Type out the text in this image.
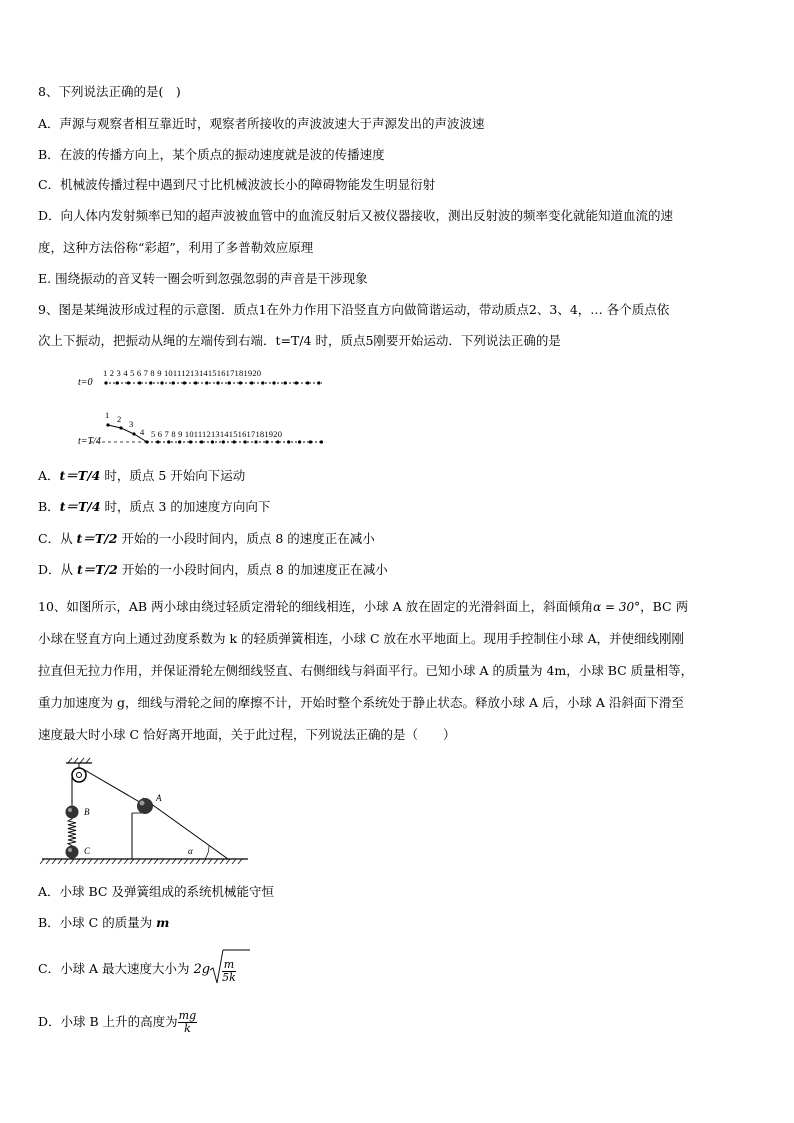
8、下列说法正确的是(　)
A．声源与观察者相互靠近时，观察者所接收的声波波速大于声源发出的声波波速
B．在波的传播方向上，某个质点的振动速度就是波的传播速度
C．机械波传播过程中遇到尺寸比机械波波长小的障碍物能发生明显衍射
D．向人体内发射频率已知的超声波被血管中的血流反射后又被仪器接收，测出反射波的频率变化就能知道血流的速
度，这种方法俗称“彩超”，利用了多普勒效应原理
E. 围绕振动的音叉转一圈会听到忽强忽弱的声音是干涉现象
9、图是某绳波形成过程的示意图．质点1在外力作用下沿竖直方向做简谐运动，带动质点2、3、4，… 各个质点依
次上下振动，把振动从绳的左端传到右端．t=T/4 时，质点5刚要开始运动．下列说法正确的是
1 2 3 4 5 6 7 8 9 1011121314151617181920
t=0
1 2 3
4 5 6 7 8 9 1011121314151617181920
t=T/4
A．t＝T/4 时，质点 5 开始向下运动
B．t＝T/4 时，质点 3 的加速度方向向下
C．从 t＝T/2 开始的一小段时间内，质点 8 的速度正在减小
D．从 t＝T/2 开始的一小段时间内，质点 8 的加速度正在减小
10、如图所示，AB 两小球由绕过轻质定滑轮的细线相连，小球 A 放在固定的光滑斜面上，斜面倾角α = 30°，BC 两
小球在竖直方向上通过劲度系数为 k 的轻质弹簧相连，小球 C 放在水平地面上。现用手控制住小球 A，并使细线刚刚
拉直但无拉力作用，并保证滑轮左侧细线竖直、右侧细线与斜面平行。已知小球 A 的质量为 4m，小球 BC 质量相等，
重力加速度为 g，细线与滑轮之间的摩擦不计，开始时整个系统处于静止状态。释放小球 A 后，小球 A 沿斜面下滑至
速度最大时小球 C 恰好离开地面，关于此过程，下列说法正确的是（　　）
B
C
A
α
A．小球 BC 及弹簧组成的系统机械能守恒
B．小球 C 的质量为 m
C．小球 A 最大速度大小为 $2g \frac{m}{5k}$
D．小球 B 上升的高度为 $\frac{mg}{k}$
